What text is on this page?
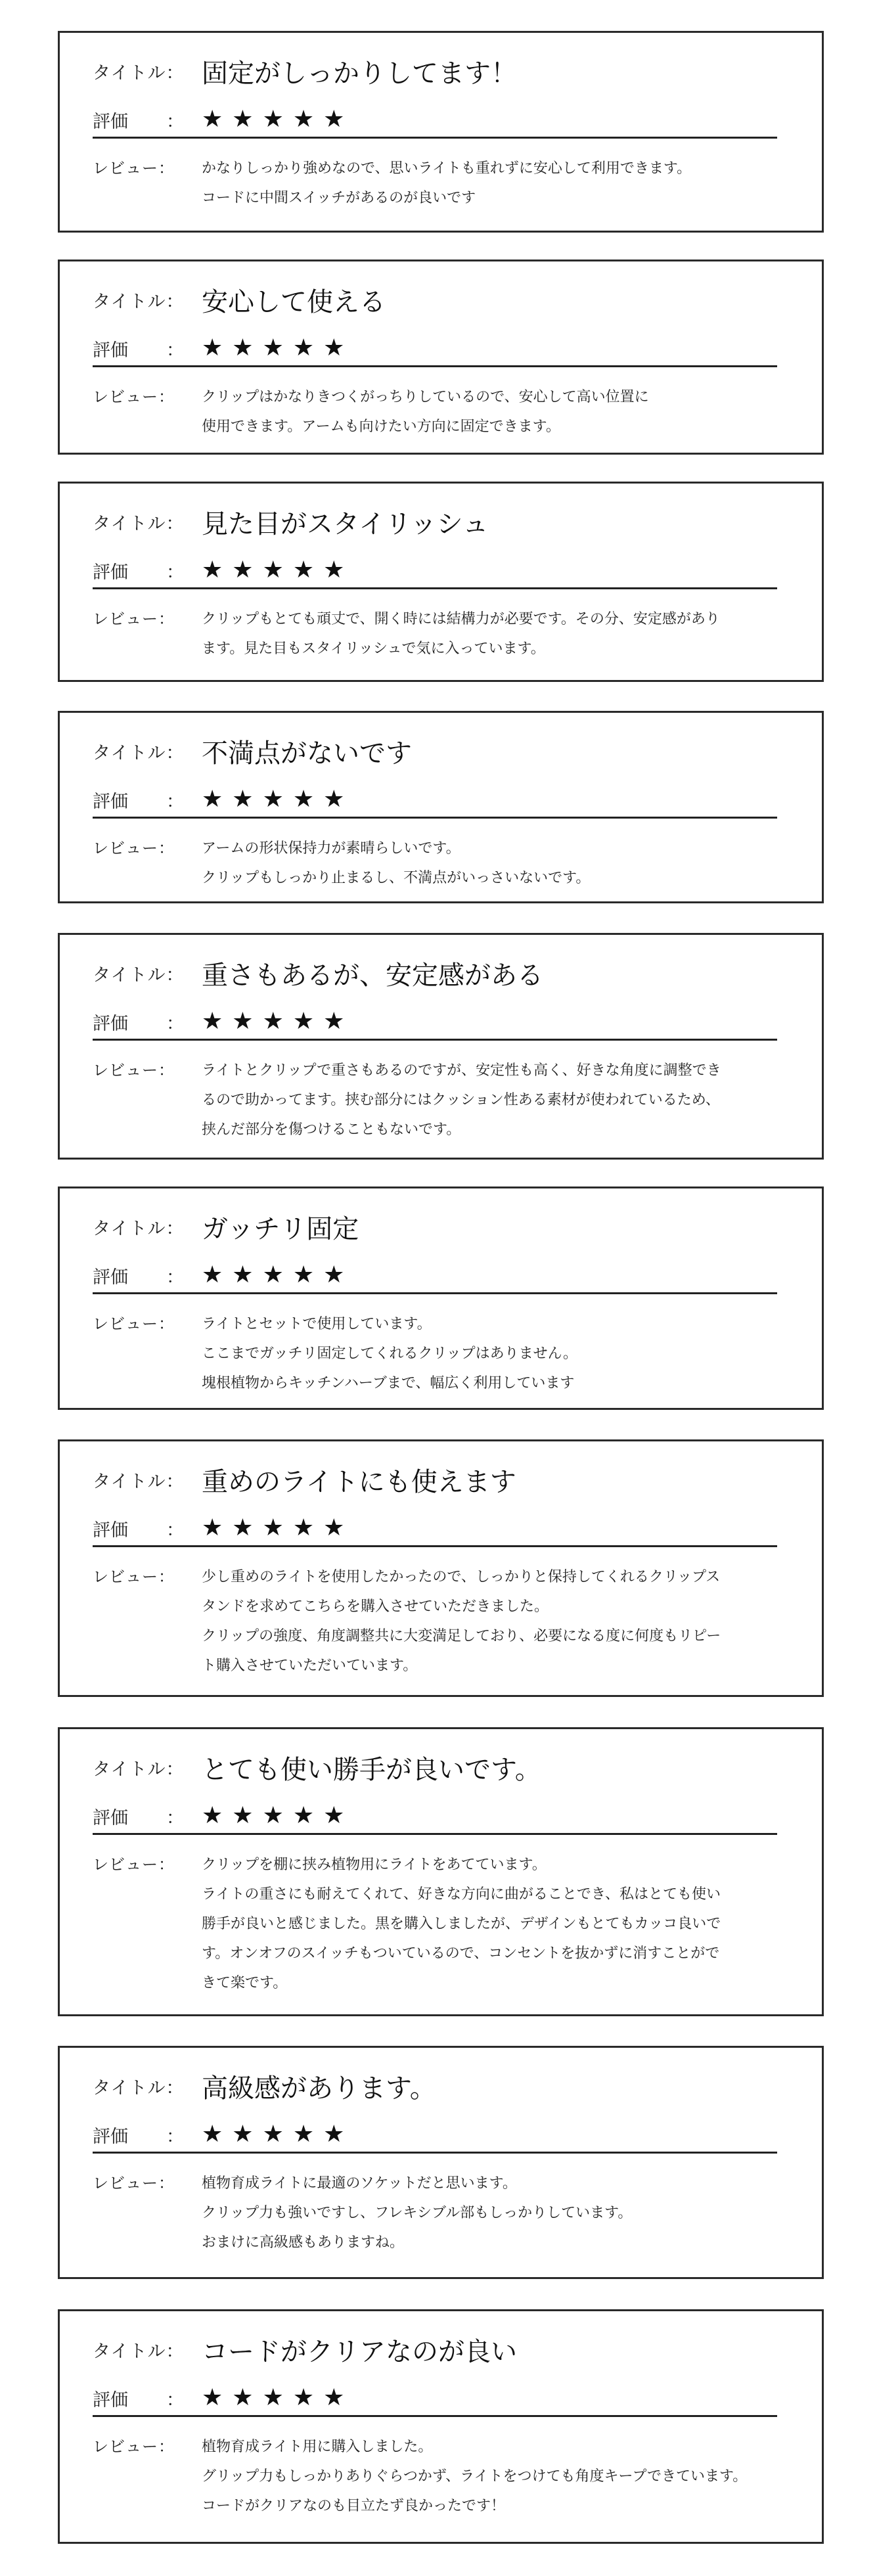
タイトル： 固定がしっかりしてます！
評価 ： ★ ★ ★ ★ ★
レビュー：	かなりしっかり強めなので、思いライトも重れずに安心して利用できます。
コードに中間スイッチがあるのが良いです
タイトル： 安心して使える
評価 ： ★ ★ ★ ★ ★
レビュー：	クリップはかなりきつくがっちりしているので、安心して高い位置に
使用できます。アームも向けたい方向に固定できます。
タイトル： 見た目がスタイリッシュ
評価 ： ★ ★ ★ ★ ★
レビュー：	クリップもとても頑丈で、開く時には結構力が必要です。その分、安定感があり
ます。見た目もスタイリッシュで気に入っています。
タイトル： 不満点がないです
評価 ： ★ ★ ★ ★ ★
レビュー：	アームの形状保持力が素晴らしいです。
クリップもしっかり止まるし、不満点がいっさいないです。
タイトル： 重さもあるが、安定感がある
評価 ： ★ ★ ★ ★ ★
レビュー：	ライトとクリップで重さもあるのですが、安定性も高く、好きな角度に調整でき
るので助かってます。挟む部分にはクッション性ある素材が使われているため、
挟んだ部分を傷つけることもないです。
タイトル： ガッチリ固定
評価 ： ★ ★ ★ ★ ★
レビュー：	ライトとセットで使用しています。
ここまでガッチリ固定してくれるクリップはありません。
塊根植物からキッチンハーブまで、幅広く利用しています
タイトル： 重めのライトにも使えます
評価 ： ★ ★ ★ ★ ★
レビュー：	少し重めのライトを使用したかったので、しっかりと保持してくれるクリップス
タンドを求めてこちらを購入させていただきました。
クリップの強度、角度調整共に大変満足しており、必要になる度に何度もリピー
ト購入させていただいています。
タイトル： とても使い勝手が良いです。
評価 ： ★ ★ ★ ★ ★
レビュー：	クリップを棚に挟み植物用にライトをあてています。
ライトの重さにも耐えてくれて、好きな方向に曲がることでき、私はとても使い
勝手が良いと感じました。黒を購入しましたが、デザインもとてもカッコ良いで
す。オンオフのスイッチもついているので、コンセントを抜かずに消すことがで
きて楽です。
タイトル： 高級感があります。
評価 ： ★ ★ ★ ★ ★
レビュー：	植物育成ライトに最適のソケットだと思います。
クリップ力も強いですし、フレキシブル部もしっかりしています。
おまけに高級感もありますね。
タイトル： コードがクリアなのが良い
評価 ： ★ ★ ★ ★ ★
レビュー：	植物育成ライト用に購入しました。
グリップ力もしっかりありぐらつかず、ライトをつけても角度キープできています。
コードがクリアなのも目立たず良かったです！
